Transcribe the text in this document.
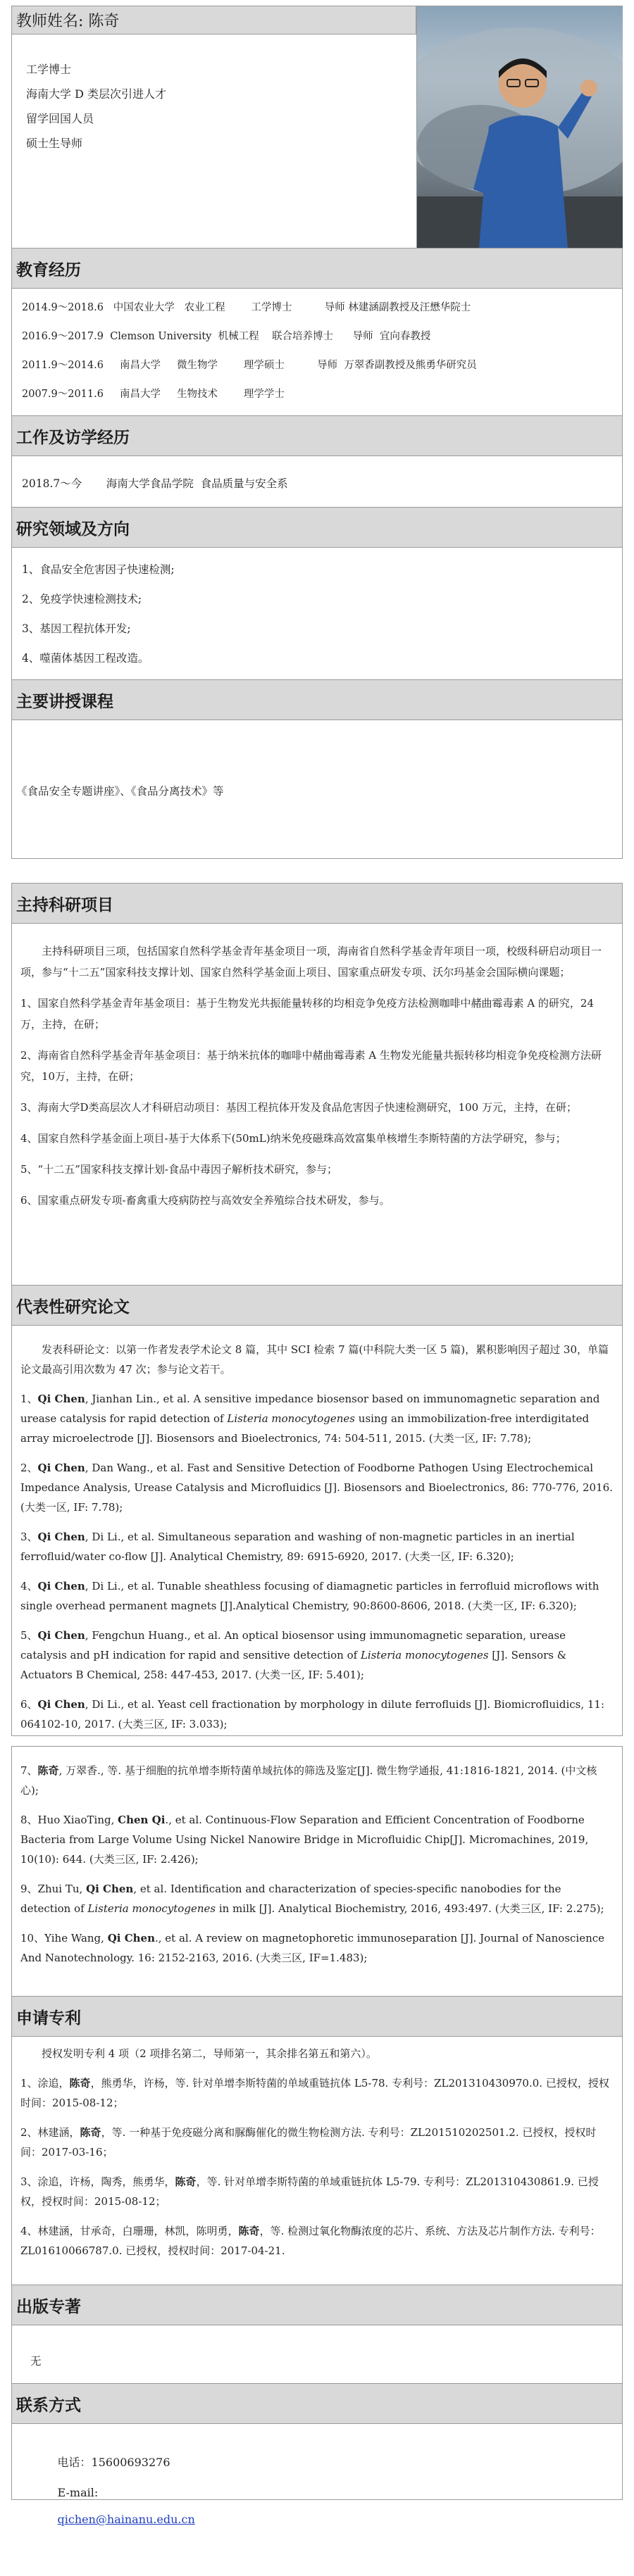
教师姓名: 陈奇
工学博士
海南大学 D 类层次引进人才
留学回国人员
硕士生导师
教育经历
2014.9～2018.6   中国农业大学   农业工程        工学博士          导师 林建涵副教授及汪懋华院士
2016.9～2017.9  Clemson University  机械工程    联合培养博士      导师  宜向春教授
2011.9～2014.6     南昌大学     微生物学        理学硕士          导师  万翠香副教授及熊勇华研究员
2007.9～2011.6     南昌大学     生物技术        理学学士
工作及访学经历
2018.7～今       海南大学食品学院  食品质量与安全系
研究领域及方向
1、食品安全危害因子快速检测;
2、免疫学快速检测技术;
3、基因工程抗体开发;
4、噬菌体基因工程改造。
主要讲授课程
《食品安全专题讲座》、《食品分离技术》等
主持科研项目

主持科研项目三项，包括国家自然科学基金青年基金项目一项，海南省自然科学基金青年项目一项，校级科研启动项目一项，参与“十二五”国家科技支撑计划、国家自然科学基金面上项目、国家重点研发专项、沃尔玛基金会国际横向课题；

1、国家自然科学基金青年基金项目：基于生物发光共振能量转移的均相竞争免疫方法检测咖啡中赭曲霉毒素 A 的研究，24 万，主持，在研；

2、海南省自然科学基金青年基金项目：基于纳米抗体的咖啡中赭曲霉毒素 A 生物发光能量共振转移均相竞争免疫检测方法研究，10万，主持，在研；

3、海南大学D类高层次人才科研启动项目：基因工程抗体开发及食品危害因子快速检测研究，100 万元，主持，在研；

4、国家自然科学基金面上项目-基于大体系下(50mL)纳米免疫磁珠高效富集单核增生李斯特菌的方法学研究，参与；

5、“十二五”国家科技支撑计划-食品中毒因子解析技术研究，参与；

6、国家重点研发专项-畜禽重大疫病防控与高效安全养殖综合技术研发，参与。

代表性研究论文

发表科研论文：以第一作者发表学术论文 8 篇，其中 SCI 检索 7 篇(中科院大类一区 5 篇)，累积影响因子超过 30，单篇论文最高引用次数为 47 次；参与论文若干。

1、Qi Chen, Jianhan Lin., et al. A sensitive impedance biosensor based on immunomagnetic separation and urease catalysis for rapid detection of Listeria monocytogenes using an immobilization-free interdigitated array microelectrode [J]. Biosensors and Bioelectronics, 74: 504-511, 2015. (大类一区, IF: 7.78);

2、Qi Chen, Dan Wang., et al. Fast and Sensitive Detection of Foodborne Pathogen Using Electrochemical Impedance Analysis, Urease Catalysis and Microfluidics [J]. Biosensors and Bioelectronics, 86: 770-776, 2016. (大类一区, IF: 7.78);

3、Qi Chen, Di Li., et al. Simultaneous separation and washing of non-magnetic particles in an inertial ferrofluid/water co-flow [J]. Analytical Chemistry, 89: 6915-6920, 2017. (大类一区, IF: 6.320);

4、Qi Chen, Di Li., et al. Tunable sheathless focusing of diamagnetic particles in ferrofluid microflows with single overhead permanent magnets [J].Analytical Chemistry, 90:8600-8606, 2018. (大类一区, IF: 6.320);

5、Qi Chen, Fengchun Huang., et al. An optical biosensor using immunomagnetic separation, urease catalysis and pH indication for rapid and sensitive detection of Listeria monocytogenes [J]. Sensors & Actuators B Chemical, 258: 447-453, 2017. (大类一区, IF: 5.401);

6、Qi Chen, Di Li., et al. Yeast cell fractionation by morphology in dilute ferrofluids [J]. Biomicrofluidics, 11: 064102-10, 2017. (大类三区, IF: 3.033);

7、陈奇, 万翠香., 等. 基于细胞的抗单增李斯特菌单域抗体的筛选及鉴定[J]. 微生物学通报, 41:1816-1821, 2014. (中文核心);

8、Huo XiaoTing, Chen Qi., et al. Continuous-Flow Separation and Efficient Concentration of Foodborne Bacteria from Large Volume Using Nickel Nanowire Bridge in Microfluidic Chip[J]. Micromachines, 2019, 10(10): 644. (大类三区, IF: 2.426);

9、Zhui Tu, Qi Chen, et al. Identification and characterization of species-specific nanobodies for the detection of Listeria monocytogenes in milk [J]. Analytical Biochemistry, 2016, 493:497. (大类三区, IF: 2.275);

10、Yihe Wang, Qi Chen., et al. A review on magnetophoretic immunoseparation [J]. Journal of Nanoscience And Nanotechnology. 16: 2152-2163, 2016. (大类三区, IF=1.483);

申请专利

授权发明专利 4 项（2 项排名第二，导师第一，其余排名第五和第六）。

1、涂追，陈奇，熊勇华，许杨，等. 针对单增李斯特菌的单域重链抗体 L5-78. 专利号：ZL201310430970.0. 已授权，授权时间：2015-08-12；

2、林建涵，陈奇，等. 一种基于免疫磁分离和脲酶催化的微生物检测方法. 专利号：ZL201510202501.2. 已授权，授权时间：2017-03-16；

3、涂追，许杨，陶秀，熊勇华，陈奇，等. 针对单增李斯特菌的单域重链抗体 L5-79. 专利号：ZL201310430861.9. 已授权，授权时间：2015-08-12；

4、林建涵，甘承奇，白珊珊，林凯，陈明勇，陈奇，等. 检测过氧化物酶浓度的芯片、系统、方法及芯片制作方法. 专利号：ZL01610066787.0. 已授权，授权时间：2017-04-21.

出版专著
无
联系方式

电话：15600693276

E-mail:

qichen@hainanu.edu.cn
